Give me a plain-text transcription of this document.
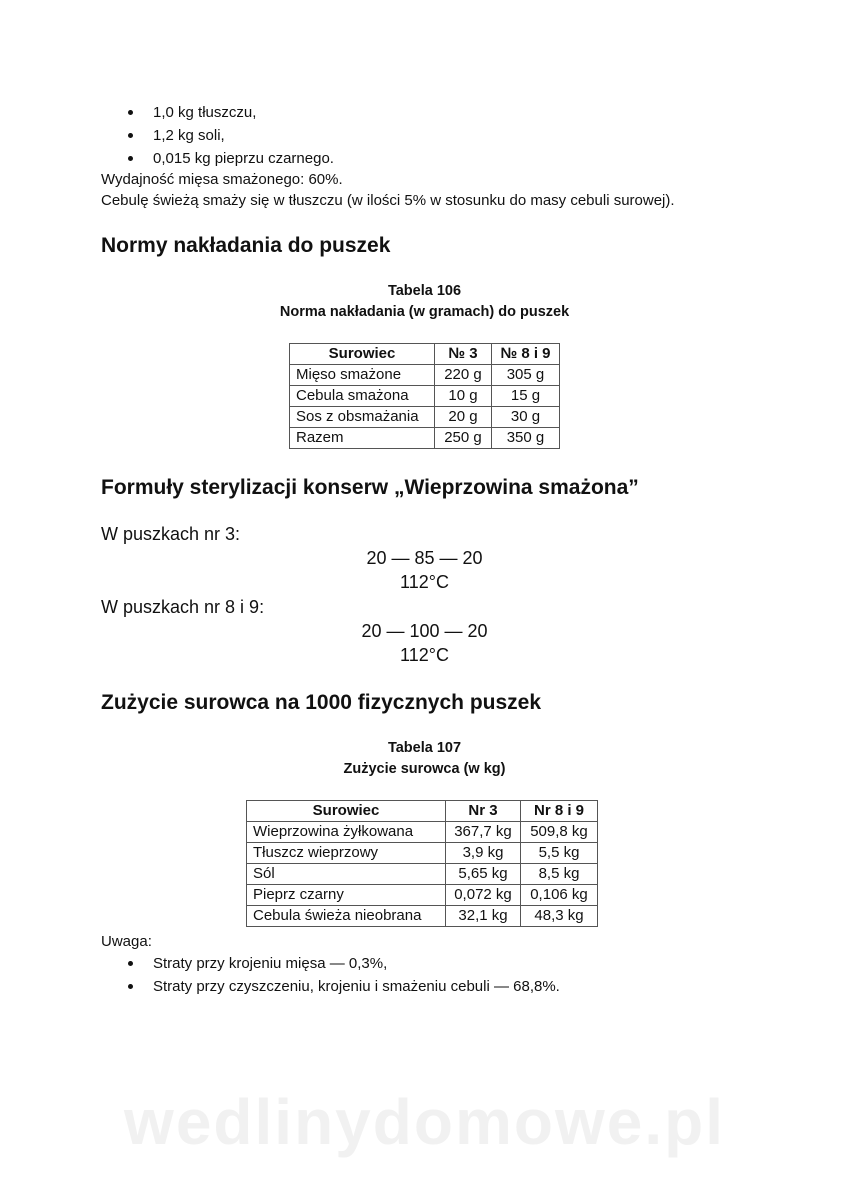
1,0 kg tłuszczu,
1,2 kg soli,
0,015 kg pieprzu czarnego.
Wydajność mięsa smażonego: 60%.
Cebulę świeżą smaży się w tłuszczu (w ilości 5% w stosunku do masy cebuli surowej).
Normy nakładania do puszek
Tabela 106
Norma nakładania (w gramach) do puszek
Surowiec	№ 3	№ 8 i 9
Mięso smażone	220 g	305 g
Cebula smażona	10 g	15 g
Sos z obsmażania	20 g	30 g
Razem	250 g	350 g
Formuły sterylizacji konserw „Wieprzowina smażona”
W puszkach nr 3:
20 — 85 — 20
112°C
W puszkach nr 8 i 9:
20 — 100 — 20
112°C
Zużycie surowca na 1000 fizycznych puszek
Tabela 107
Zużycie surowca (w kg)
Surowiec	Nr 3	Nr 8 i 9
Wieprzowina żyłkowana	367,7 kg	509,8 kg
Tłuszcz wieprzowy	3,9 kg	5,5 kg
Sól	5,65 kg	8,5 kg
Pieprz czarny	0,072 kg	0,106 kg
Cebula świeża nieobrana	32,1 kg	48,3 kg
Uwaga:
Straty przy krojeniu mięsa — 0,3%,
Straty przy czyszczeniu, krojeniu i smażeniu cebuli — 68,8%.
wedlinydomowe.pl
